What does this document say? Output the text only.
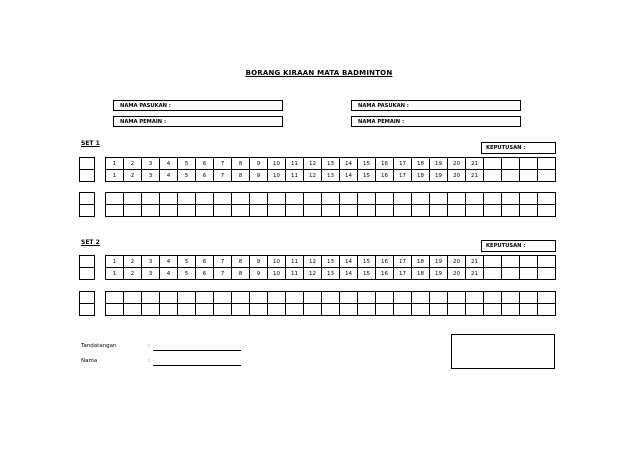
BORANG KIRAAN MATA BADMINTON
NAMA PASUKAN :
NAMA PEMAIN :
NAMA PASUKAN :
NAMA PEMAIN :
SET 1
KEPUTUSAN :
1	2	3	4	5	6	7	8	9	10	11	12	13	14	15	16	17	18	19	20	21
1	2	3	4	5	6	7	8	9	10	11	12	13	14	15	16	17	18	19	20	21
SET 2	KEPUTUSAN :
1	2	3	4	5	6	7	8	9	10	11	12	13	14	15	16	17	18	19	20	21
1	2	3	4	5	6	7	8	9	10	11	12	13	14	15	16	17	18	19	20	21
Tandatangan	:
Nama	:
